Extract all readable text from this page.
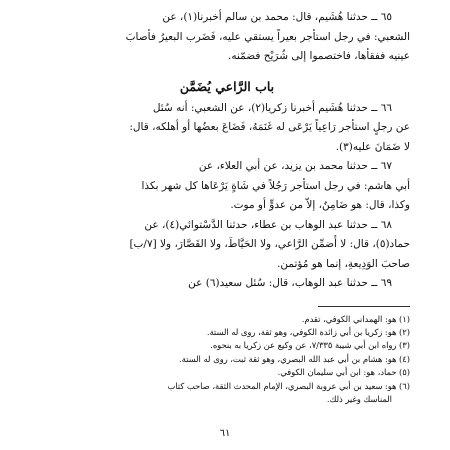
٦٥ ــ حدثنا هُشَيم، قال: محمد بن سالم أخبرنا(١)، عن
الشعبي: في رجل استأجر بعيراً يستقي عليه، فَضَرب البعيرُ فأصابَ
عينيه ففقأها، فاختصموا إلى شُرَيْح فضمّنه.
باب الرَّاعي يُضَمَّن
٦٦ ــ حدثنا هُشَيم أخبرنا زكريا(٢)، عن الشعبي: أنه سُئل
عن رجلٍ استأجر رَاعِياً يَرْعَى له غَنَمَهُ، فَضَاعَ بعضُها أو أهلكه، قال:
لا ضَمَانَ عليه(٣).
٦٧ ــ حدثنا محمد بن يزيد، عن أبي العلاء، عن
أبي هاشم: في رجل استأجر رَجُلاً في شَاةٍ يَرْعَاها كل شهر بكذا
وكذا، قال: هو ضَامِنٌ، إلاّ من عدوٍّ أو موت.
٦٨ ــ حدثنا عبد الوهاب بن عطاء، حدثنا الدَّسْتوائي(٤)، عن
حماد(٥)، قال: لا أُضمِّن الرَّاعي، ولا الحَيَّاطَ، ولا القَصَّارَ، ولا [٧/ب]
صاحبَ الوَدِيعةِ، إنما هو مُؤتمن.
٦٩ ــ حدثنا عبد الوهاب، قال: سُئل سعيد(٦) عن
(١) هو: الهمداني الكوفي، تقدم.
(٢) هو: زكريا بن أبي زائدة الكوفي، وهو ثقة، روى له الستة.
(٣) رواه ابن أبي شيبة ٧/٣٣٥، عن وكيع عن زكريا به بنحوه.
(٤) هو: هشام بن أبي عبد الله البصري، وهو ثقة ثبت، روى له الستة.
(٥) حماد، هو: ابن أبي سليمان الكوفي.
(٦) هو: سعيد بن أبي عروبة البصري، الإمام المحدث الثقة، صاحب كتاب
المناسك وغير ذلك.
٦١
